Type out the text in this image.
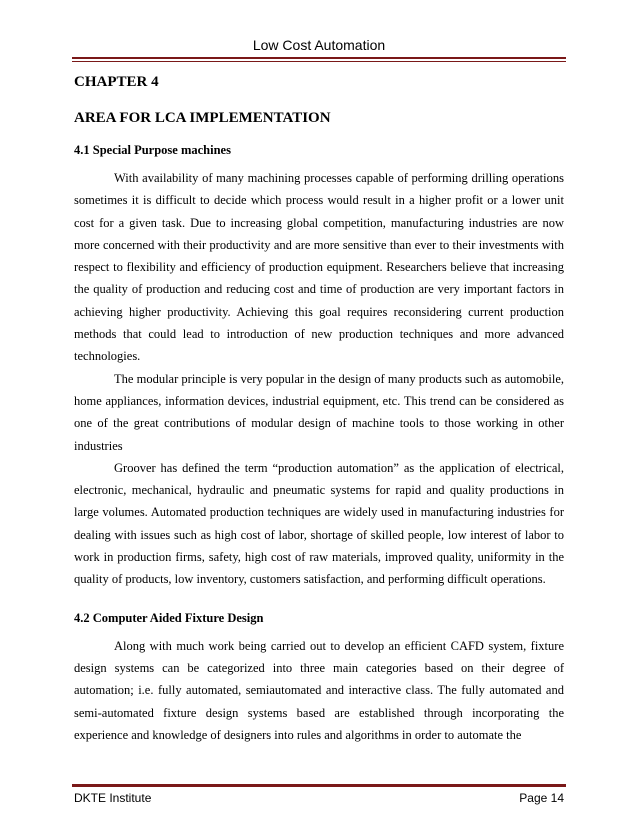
Low Cost Automation
CHAPTER 4
AREA FOR LCA IMPLEMENTATION
4.1 Special Purpose machines

With availability of many machining processes capable of performing drilling operations sometimes it is difficult to decide which process would result in a higher profit or a lower unit cost for a given task. Due to increasing global competition, manufacturing industries are now more concerned with their productivity and are more sensitive than ever to their investments with respect to flexibility and efficiency of production equipment. Researchers believe that increasing the quality of production and reducing cost and time of production are very important factors in achieving higher productivity. Achieving this goal requires reconsidering current production methods that could lead to introduction of new production techniques and more advanced technologies.

The modular principle is very popular in the design of many products such as automobile, home appliances, information devices, industrial equipment, etc. This trend can be considered as one of the great contributions of modular design of machine tools to those working in other industries

Groover has defined the term “production automation” as the application of electrical, electronic, mechanical, hydraulic and pneumatic systems for rapid and quality productions in large volumes. Automated production techniques are widely used in manufacturing industries for dealing with issues such as high cost of labor, shortage of skilled people, low interest of labor to work in production firms, safety, high cost of raw materials, improved quality, uniformity in the quality of products, low inventory, customers satisfaction, and performing difficult operations.

4.2 Computer Aided Fixture Design

Along with much work being carried out to develop an efficient CAFD system, fixture design systems can be categorized into three main categories based on their degree of automation; i.e. fully automated, semiautomated and interactive class. The fully automated and semi-automated fixture design systems based are established through incorporating the experience and knowledge of designers into rules and algorithms in order to automate the

DKTE Institute	Page 14
